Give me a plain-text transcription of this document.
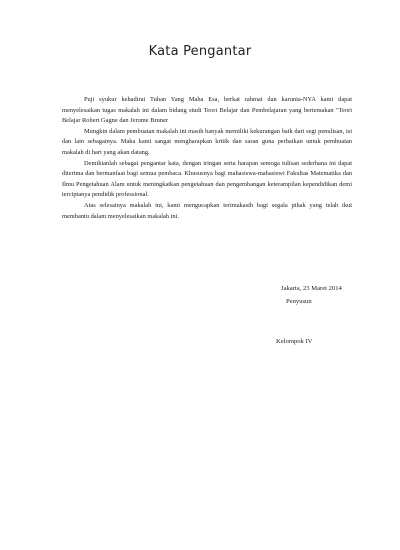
Kata Pengantar

Puji syukur kehadirat Tuhan Yang Maha Esa, berkat rahmat dan karunia-NYA kami dapat menyelesaikan tugas makalah ini dalam bidang studi Teori Belajar dan Pembelajaran yang bertemakan "Teori Belajar Robert Gagne dan Jerome Bruner

Mungkin dalam pembuatan makalah ini masih banyak memiliki kekurangan baik dari segi penulisan, isi dan lain sebagainya. Maka kami sangat mengharapkan kritik dan saran guna perbaikan untuk pembuatan makalah di hari yang akan datang.

Demikianlah sebagai pengantar kata, dengan iringan serta harapan semoga tulisan sederhana ini dapat diterima dan bermanfaat bagi semua pembaca. Khususnya bagi mahasiswa-mahasiswi Fakultas Matematika dan Ilmu Pengetahuan Alam untuk meningkatkan pengetahuan dan pengembangan keterampilan kependidikan demi terciptanya pendidik professional.

Atas selesainya makalah ini, kami mengucapkan terimakasih bagi segala pihak yang telah ikut membantu dalam menyelesaikan makalah ini.

Jakarta, 23 Maret 2014
Penyusun
Kelompok IV
